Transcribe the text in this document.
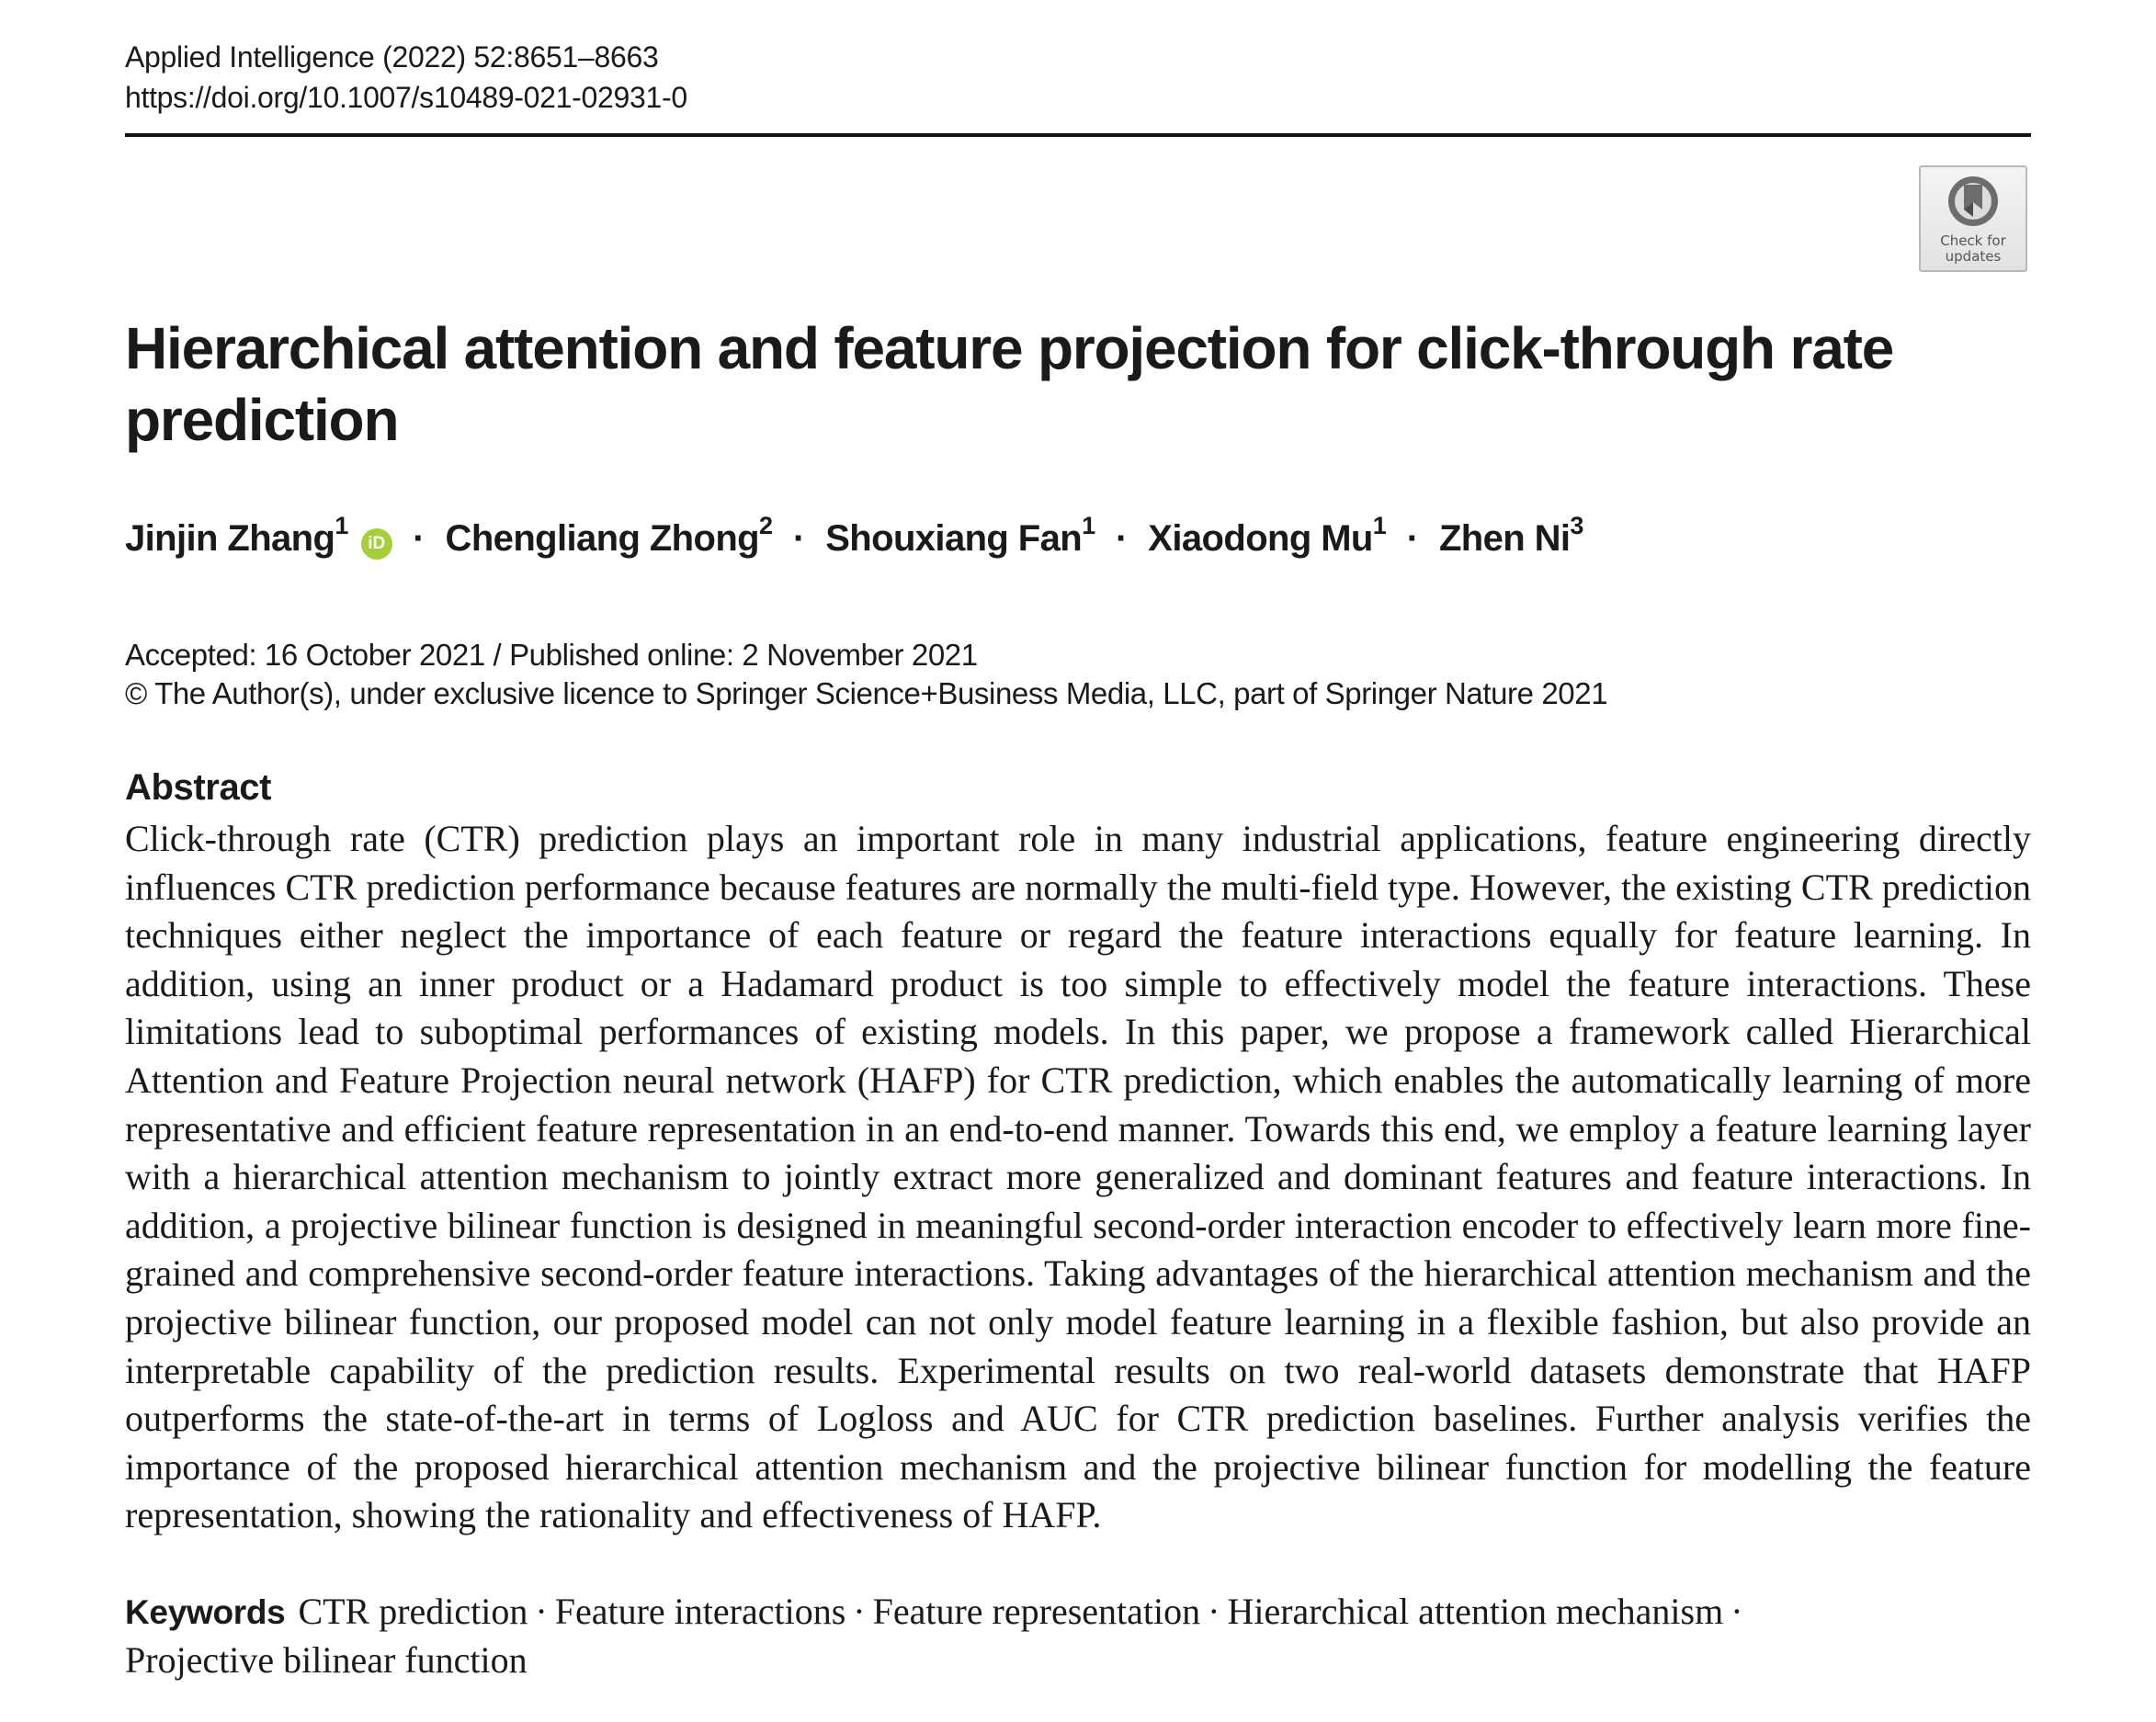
Applied Intelligence (2022) 52:8651–8663
https://doi.org/10.1007/s10489-021-02931-0
Check for
updates
Hierarchical attention and feature projection for click-through rate prediction
Jinjin Zhang$^1$iD · Chengliang Zhong$^2$ · Shouxiang Fan$^1$ · Xiaodong $Mu^1$ · Zhen Ni$^3$
Accepted: 16 October 2021 / Published online: 2 November 2021
© The Author(s), under exclusive licence to Springer Science+Business Media, LLC, part of Springer Nature 2021
Abstract

Click-through rate (CTR) prediction plays an important role in many industrial applications, feature engineering directly influences CTR prediction performance because features are normally the multi-field type. However, the existing CTR prediction techniques either neglect the importance of each feature or regard the feature interactions equally for feature learning. In addition, using an inner product or a Hadamard product is too simple to effectively model the feature interactions. These limitations lead to suboptimal performances of existing models. In this paper, we propose a framework called Hierarchical Attention and Feature Projection neural network (HAFP) for CTR prediction, which enables the automatically learning of more representative and efficient feature representation in an end-to-end manner. Towards this end, we employ a feature learning layer with a hierarchical attention mechanism to jointly extract more generalized and dominant features and feature interactions. In addition, a projective bilinear function is designed in meaningful second-order interaction encoder to effectively learn more fine-grained and comprehensive second-order feature interactions. Taking advantages of the hierarchical attention mechanism and the projective bilinear function, our proposed model can not only model feature learning in a flexible fashion, but also provide an interpretable capability of the prediction results. Experimental results on two real-world datasets demonstrate that HAFP outperforms the state-of-the-art in terms of Logloss and AUC for CTR prediction baselines. Further analysis verifies the importance of the proposed hierarchical attention mechanism and the projective bilinear function for modelling the feature representation, showing the rationality and effectiveness of HAFP.

Keywords CTR prediction · Feature interactions · Feature representation · Hierarchical attention mechanism ·
Projective bilinear function
